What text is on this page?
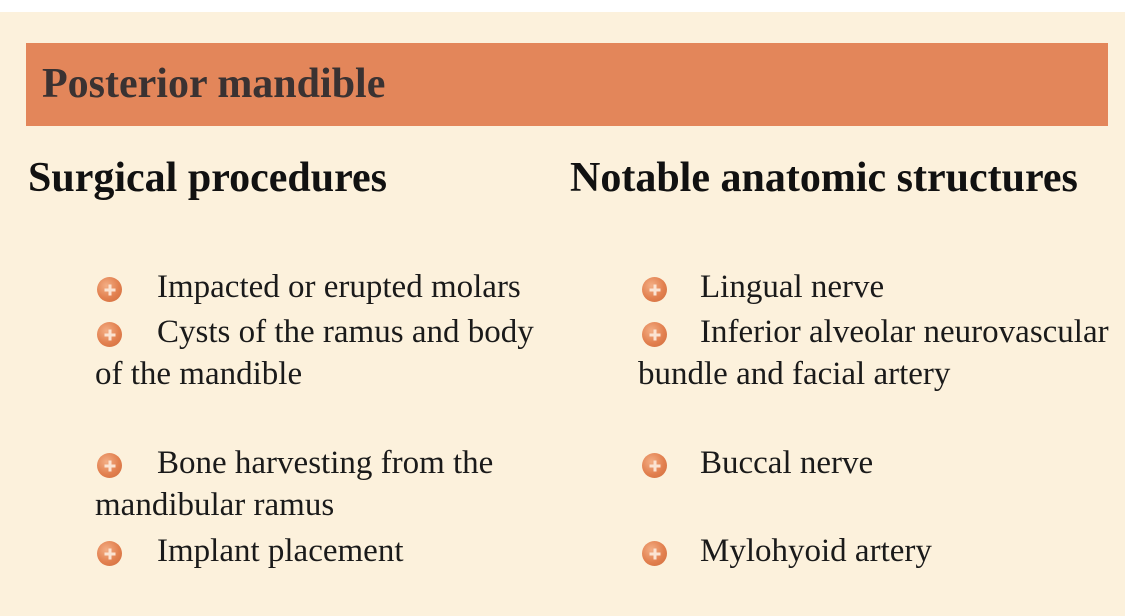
Posterior mandible
Surgical procedures	Notable anatomic structures
Impacted or erupted molars
Cysts of the ramus and body of the mandible
Bone harvesting from the mandibular ramus
Implant placement
Lingual nerve
Inferior alveolar neurovascular bundle and facial artery
Buccal nerve
Mylohyoid artery
